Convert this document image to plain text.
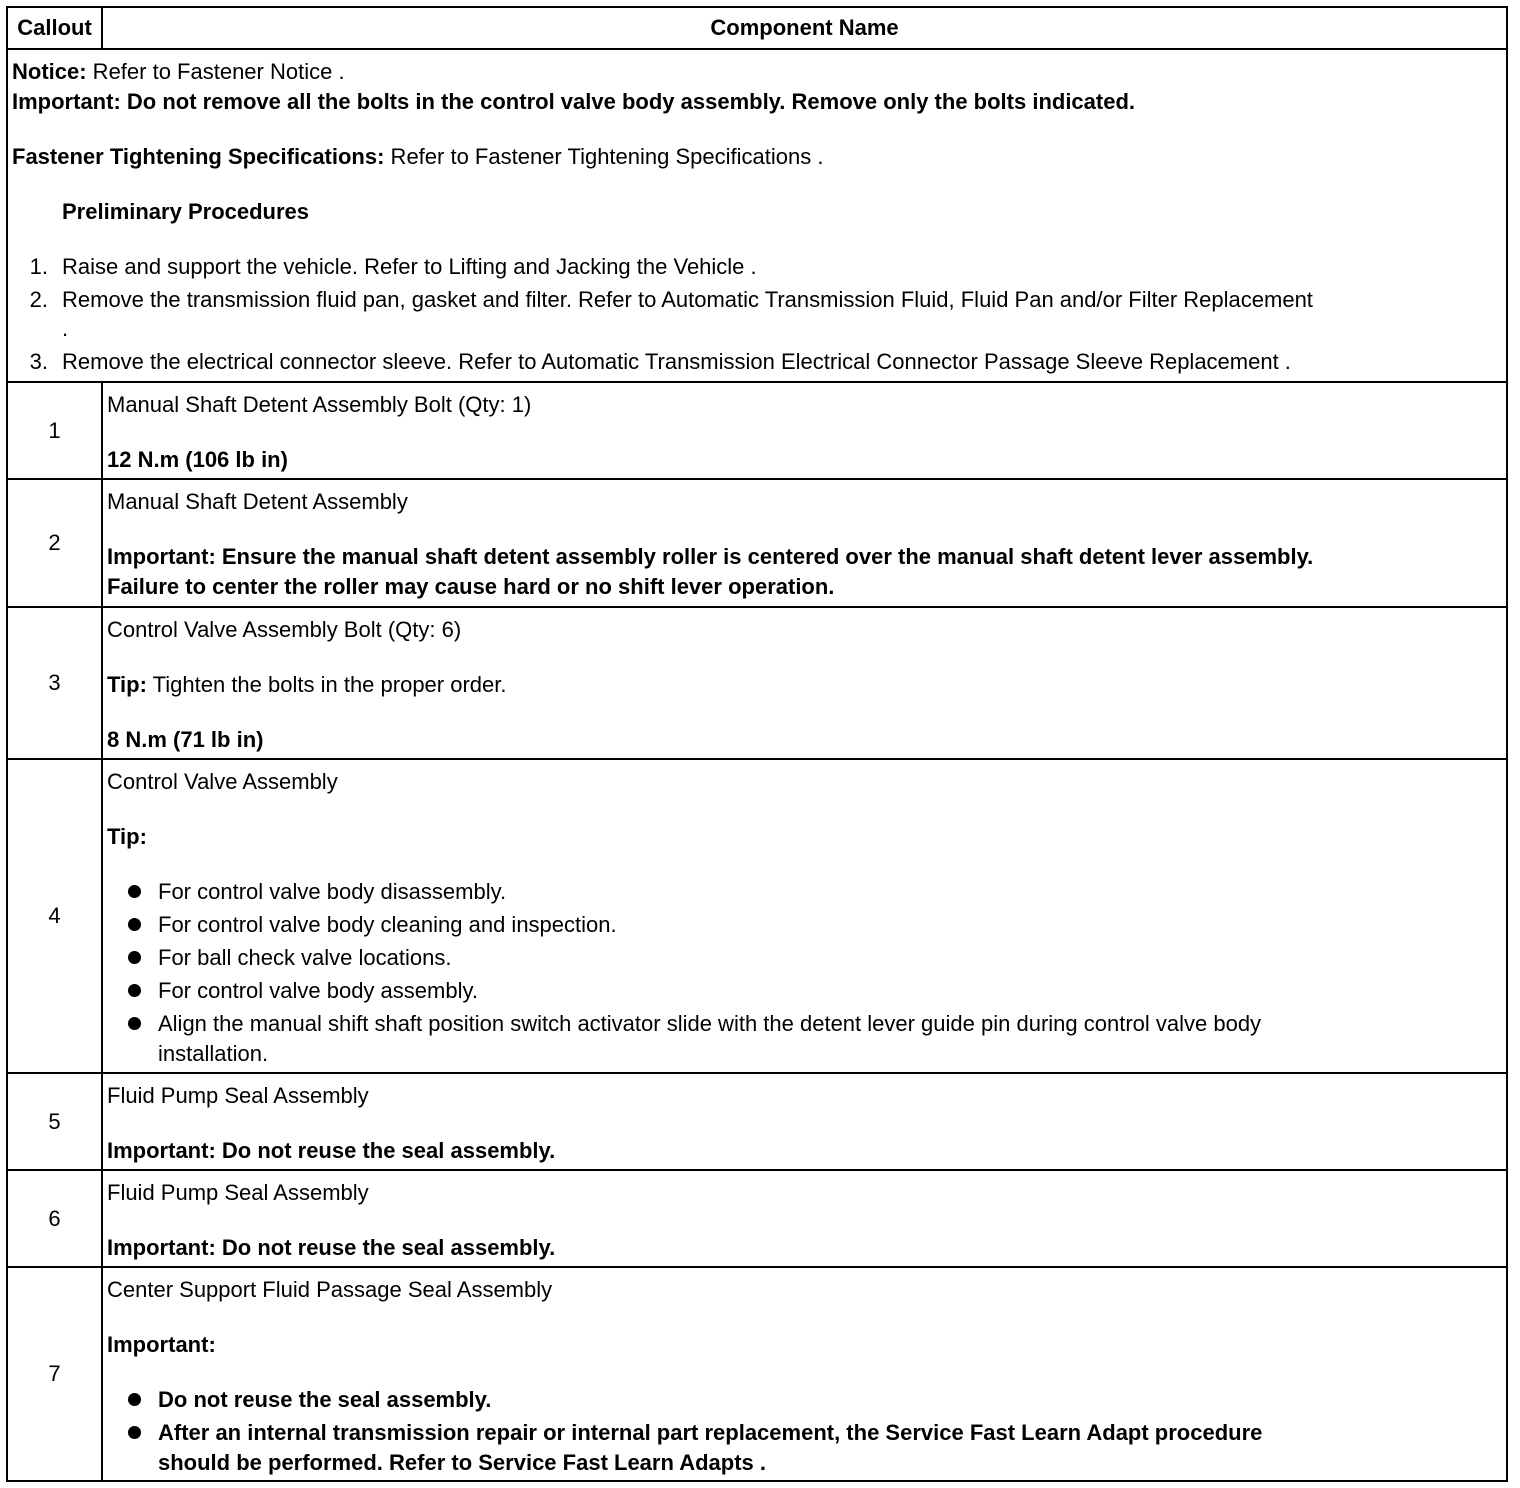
Callout	Component Name
Notice: Refer to Fastener Notice .
Important: Do not remove all the bolts in the control valve body assembly. Remove only the bolts indicated.
Fastener Tightening Specifications: Refer to Fastener Tightening Specifications .
Preliminary Procedures
1. Raise and support the vehicle. Refer to Lifting and Jacking the Vehicle .
2. Remove the transmission fluid pan, gasket and filter. Refer to Automatic Transmission Fluid, Fluid Pan and/or Filter Replacement
.
3. Remove the electrical connector sleeve. Refer to Automatic Transmission Electrical Connector Passage Sleeve Replacement .
1
Manual Shaft Detent Assembly Bolt (Qty: 1)
12 N.m (106 lb in)
2
Manual Shaft Detent Assembly
Important: Ensure the manual shaft detent assembly roller is centered over the manual shaft detent lever assembly.
Failure to center the roller may cause hard or no shift lever operation.
3
Control Valve Assembly Bolt (Qty: 6)
Tip: Tighten the bolts in the proper order.
8 N.m (71 lb in)
4
Control Valve Assembly
Tip:
For control valve body disassembly.
For control valve body cleaning and inspection.
For ball check valve locations.
For control valve body assembly.
Align the manual shift shaft position switch activator slide with the detent lever guide pin during control valve body
installation.
5
Fluid Pump Seal Assembly
Important: Do not reuse the seal assembly.
6
Fluid Pump Seal Assembly
Important: Do not reuse the seal assembly.
7
Center Support Fluid Passage Seal Assembly
Important:
Do not reuse the seal assembly.
After an internal transmission repair or internal part replacement, the Service Fast Learn Adapt procedure
should be performed. Refer to Service Fast Learn Adapts .
